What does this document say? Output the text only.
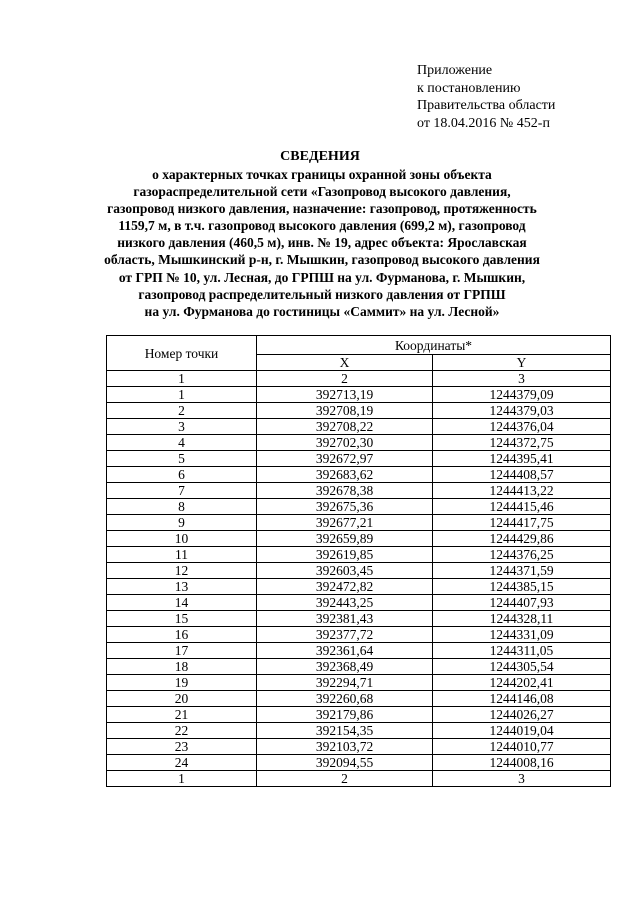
Приложение
к постановлению
Правительства области
от 18.04.2016 № 452-п
СВЕДЕНИЯ
о характерных точках границы охранной зоны объекта
газораспределительной сети «Газопровод высокого давления,
газопровод низкого давления, назначение: газопровод, протяженность
1159,7 м, в т.ч. газопровод высокого давления (699,2 м), газопровод
низкого давления (460,5 м), инв. № 19, адрес объекта: Ярославская
область, Мышкинский р-н, г. Мышкин, газопровод высокого давления
от ГРП № 10, ул. Лесная, до ГРПШ на ул. Фурманова, г. Мышкин,
газопровод распределительный низкого давления от ГРПШ
на ул. Фурманова до гостиницы «Саммит» на ул. Лесной»
Номер точки	Координаты*	
	X	Y
1	2	3
1	392713,19	1244379,09
2	392708,19	1244379,03
3	392708,22	1244376,04
4	392702,30	1244372,75
5	392672,97	1244395,41
6	392683,62	1244408,57
7	392678,38	1244413,22
8	392675,36	1244415,46
9	392677,21	1244417,75
10	392659,89	1244429,86
11	392619,85	1244376,25
12	392603,45	1244371,59
13	392472,82	1244385,15
14	392443,25	1244407,93
15	392381,43	1244328,11
16	392377,72	1244331,09
17	392361,64	1244311,05
18	392368,49	1244305,54
19	392294,71	1244202,41
20	392260,68	1244146,08
21	392179,86	1244026,27
22	392154,35	1244019,04
23	392103,72	1244010,77
24	392094,55	1244008,16
1	2	3
